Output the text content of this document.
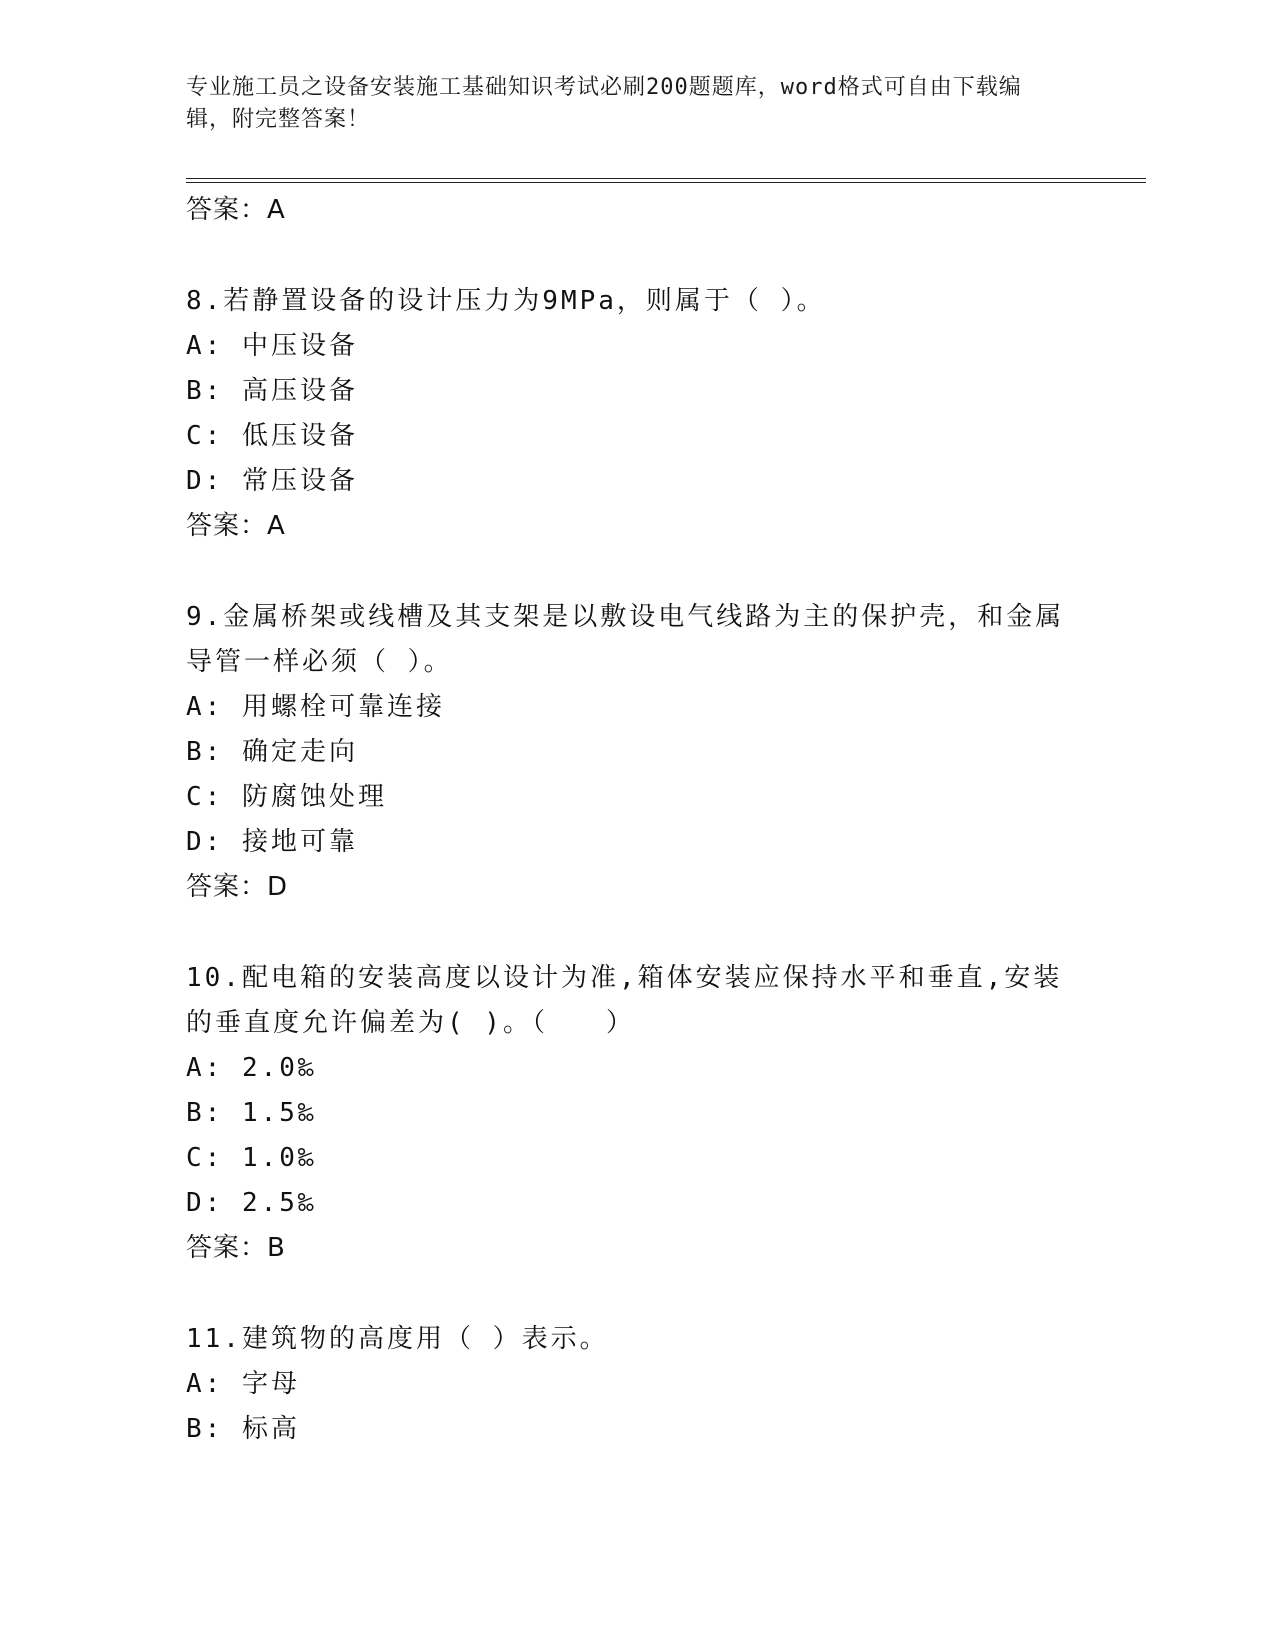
专业施工员之设备安装施工基础知识考试必刷200题题库，word格式可自由下载编辑，附完整答案！

答案：A

8.若静置设备的设计压力为9MPa，则属于（ ）。

A: 中压设备

B: 高压设备

C: 低压设备

D: 常压设备

答案：A

9.金属桥架或线槽及其支架是以敷设电气线路为主的保护壳，和金属导管一样必须（ ）。

A: 用螺栓可靠连接

B: 确定走向

C: 防腐蚀处理

D: 接地可靠

答案：D

10.配电箱的安装高度以设计为准,箱体安装应保持水平和垂直,安装的垂直度允许偏差为( )。（　　）

A: 2.0‰

B: 1.5‰

C: 1.0‰

D: 2.5‰

答案：B

11.建筑物的高度用（ ）表示。

A: 字母

B: 标高
